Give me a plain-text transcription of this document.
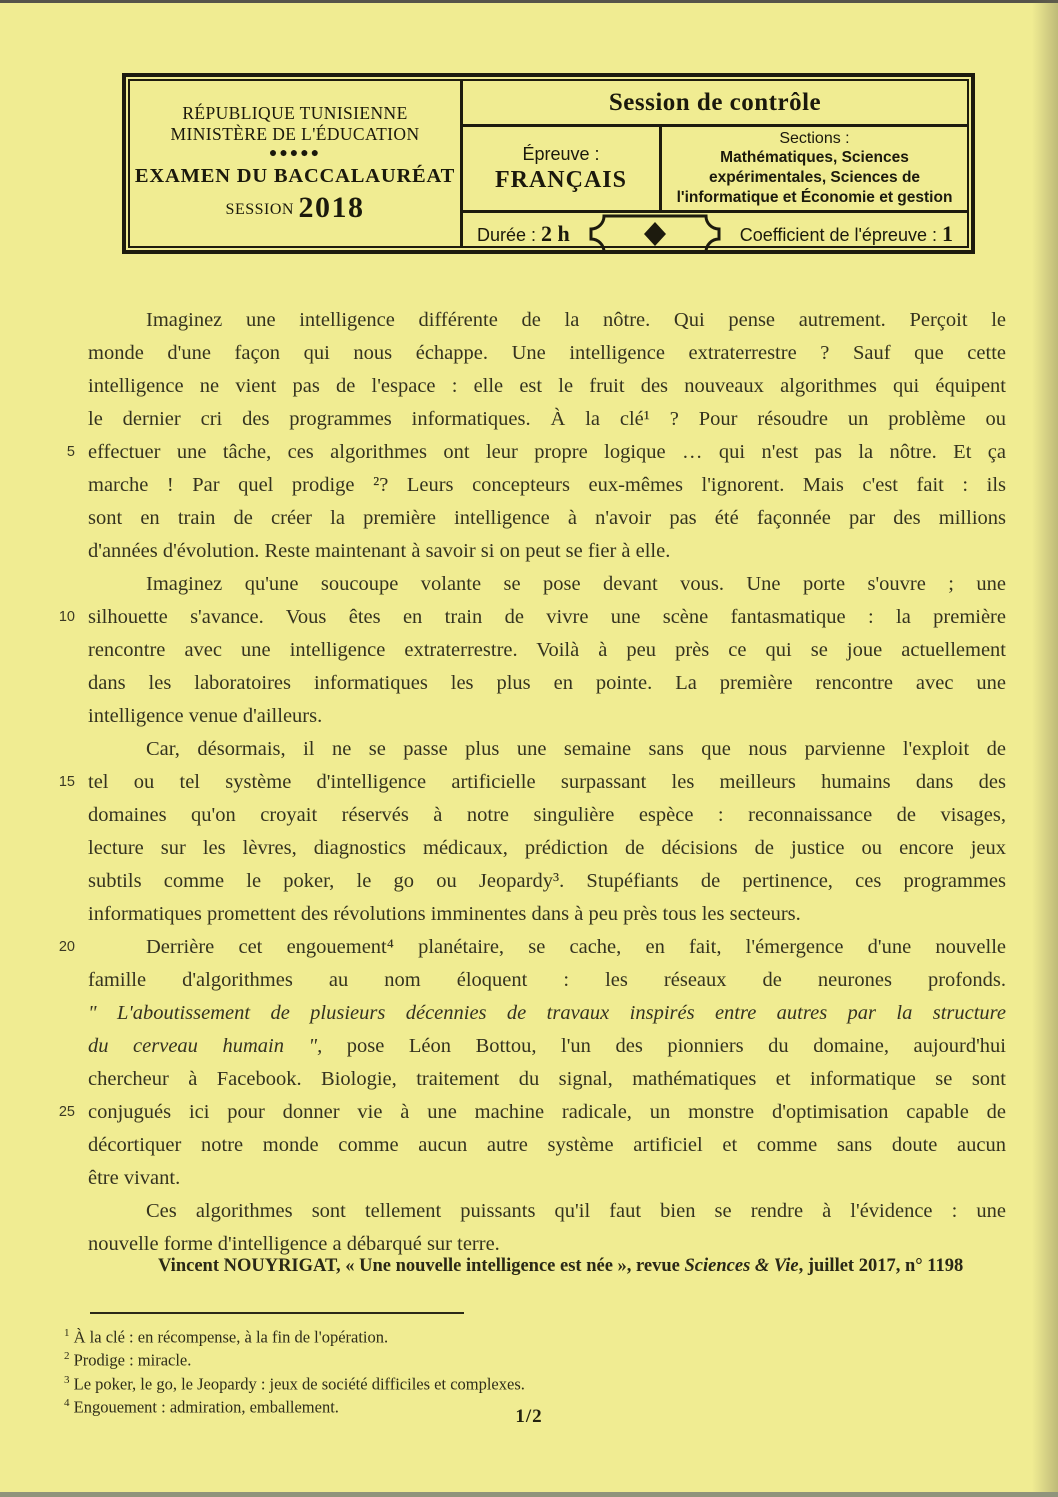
RÉPUBLIQUE TUNISIENNE
MINISTÈRE DE L'ÉDUCATION
●●●●●
EXAMEN DU BACCALAURÉAT
SESSION 2018
Session de contrôle
Épreuve :
FRANÇAIS
Sections :
Mathématiques, Sciences
expérimentales, Sciences de
l'informatique et Économie et gestion
Durée : 2 h	Coefficient de l'épreuve : 1
Imaginez une intelligence différente de la nôtre. Qui pense autrement. Perçoit le
monde d'une façon qui nous échappe. Une intelligence extraterrestre ? Sauf que cette
intelligence ne vient pas de l'espace : elle est le fruit des nouveaux algorithmes qui équipent
le dernier cri des programmes informatiques. À la clé¹ ? Pour résoudre un problème ou
5 effectuer une tâche, ces algorithmes ont leur propre logique … qui n'est pas la nôtre. Et ça
marche ! Par quel prodige ²? Leurs concepteurs eux-mêmes l'ignorent. Mais c'est fait : ils
sont en train de créer la première intelligence à n'avoir pas été façonnée par des millions
d'années d'évolution. Reste maintenant à savoir si on peut se fier à elle.
Imaginez qu'une soucoupe volante se pose devant vous. Une porte s'ouvre ; une
10 silhouette s'avance. Vous êtes en train de vivre une scène fantasmatique : la première
rencontre avec une intelligence extraterrestre. Voilà à peu près ce qui se joue actuellement
dans les laboratoires informatiques les plus en pointe. La première rencontre avec une
intelligence venue d'ailleurs.
Car, désormais, il ne se passe plus une semaine sans que nous parvienne l'exploit de
15 tel ou tel système d'intelligence artificielle surpassant les meilleurs humains dans des
domaines qu'on croyait réservés à notre singulière espèce : reconnaissance de visages,
lecture sur les lèvres, diagnostics médicaux, prédiction de décisions de justice ou encore jeux
subtils comme le poker, le go ou Jeopardy³. Stupéfiants de pertinence, ces programmes
informatiques promettent des révolutions imminentes dans à peu près tous les secteurs.
20	Derrière cet engouement⁴ planétaire, se cache, en fait, l'émergence d'une nouvelle
famille d'algorithmes au nom éloquent : les réseaux de neurones profonds.
" L'aboutissement de plusieurs décennies de travaux inspirés entre autres par la structure
du cerveau humain ", pose Léon Bottou, l'un des pionniers du domaine, aujourd'hui
chercheur à Facebook. Biologie, traitement du signal, mathématiques et informatique se sont
25 conjugués ici pour donner vie à une machine radicale, un monstre d'optimisation capable de
décortiquer notre monde comme aucun autre système artificiel et comme sans doute aucun
être vivant.
Ces algorithmes sont tellement puissants qu'il faut bien se rendre à l'évidence : une
nouvelle forme d'intelligence a débarqué sur terre.
Vincent NOUYRIGAT, « Une nouvelle intelligence est née », revue Sciences & Vie, juillet 2017, n° 1198
$^1$ À la clé : en récompense, à la fin de l'opération.
$^2$ Prodige : miracle.
$^3$ Le poker, le go, le Jeopardy : jeux de société difficiles et complexes.
$^4$ Engouement : admiration, emballement.	1/2
